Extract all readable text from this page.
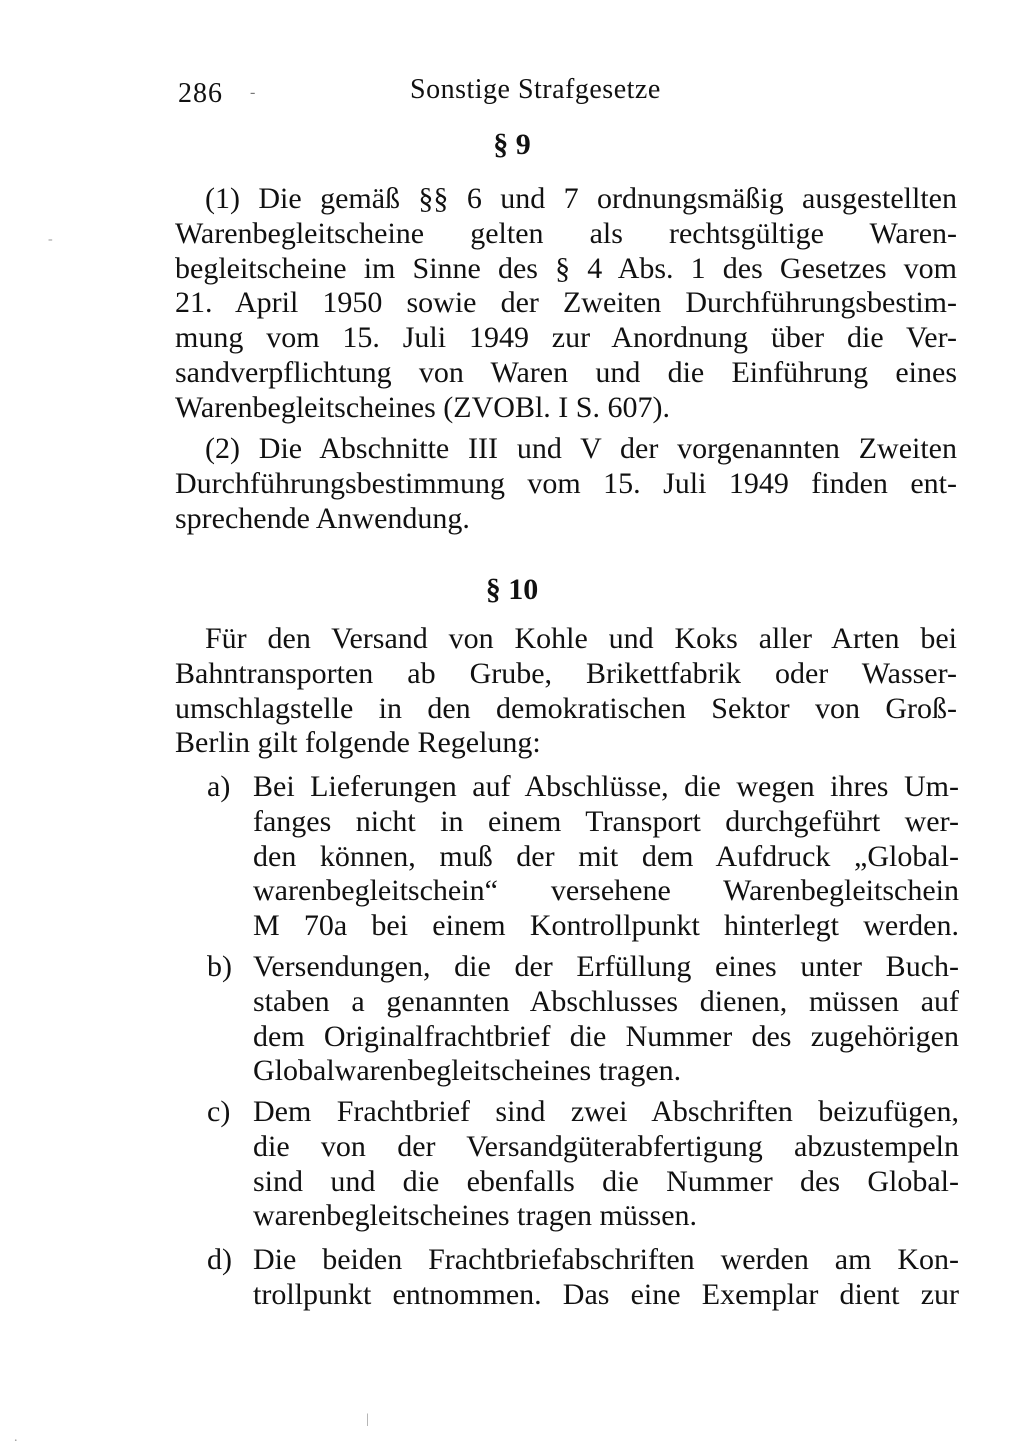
286 -	Sonstige Strafgesetze
§ 9
(1) Die gemäß §§ 6 und 7 ordnungsmäßig ausgestellten
Warenbegleitscheine gelten als rechtsgültige Waren-
begleitscheine im Sinne des § 4 Abs. 1 des Gesetzes vom
21. April 1950 sowie der Zweiten Durchführungsbestim-
mung vom 15. Juli 1949 zur Anordnung über die Ver-
sandverpflichtung von Waren und die Einführung eines
Warenbegleitscheines (ZVOBl. I S. 607).
(2) Die Abschnitte III und V der vorgenannten Zweiten
Durchführungsbestimmung vom 15. Juli 1949 finden ent-
sprechende Anwendung.
§ 10
Für den Versand von Kohle und Koks aller Arten bei
Bahntransporten ab Grube, Brikettfabrik oder Wasser-
umschlagstelle in den demokratischen Sektor von Groß-
Berlin gilt folgende Regelung:
a) Bei Lieferungen auf Abschlüsse, die wegen ihres Um-
fanges nicht in einem Transport durchgeführt wer-
den können, muß der mit dem Aufdruck „Global-
warenbegleitschein“ versehene Warenbegleitschein
M 70a bei einem Kontrollpunkt hinterlegt werden.
b) Versendungen, die der Erfüllung eines unter Buch-
staben a genannten Abschlusses dienen, müssen auf
dem Originalfrachtbrief die Nummer des zugehörigen
Globalwarenbegleitscheines tragen.
c) Dem Frachtbrief sind zwei Abschriften beizufügen,
die von der Versandgüterabfertigung abzustempeln
sind und die ebenfalls die Nummer des Global-
warenbegleitscheines tragen müssen.
d) Die beiden Frachtbriefabschriften werden am Kon-
trollpunkt entnommen. Das eine Exemplar dient zur
-
|
.
